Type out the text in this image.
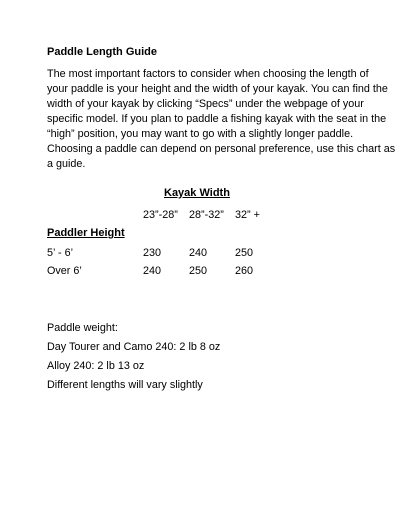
Paddle Length Guide
The most important factors to consider when choosing the length of
your paddle is your height and the width of your kayak. You can find the
width of your kayak by clicking “Specs” under the webpage of your
specific model. If you plan to paddle a fishing kayak with the seat in the
“high” position, you may want to go with a slightly longer paddle.
Choosing a paddle can depend on personal preference, use this chart as
a guide.
Kayak Width
23”-28” 28”-32” 32” +
Paddler Height
5’ - 6’	230	240	250
Over 6’	240	250	260
Paddle weight:
Day Tourer and Camo 240: 2 lb 8 oz
Alloy 240: 2 lb 13 oz
Different lengths will vary slightly
